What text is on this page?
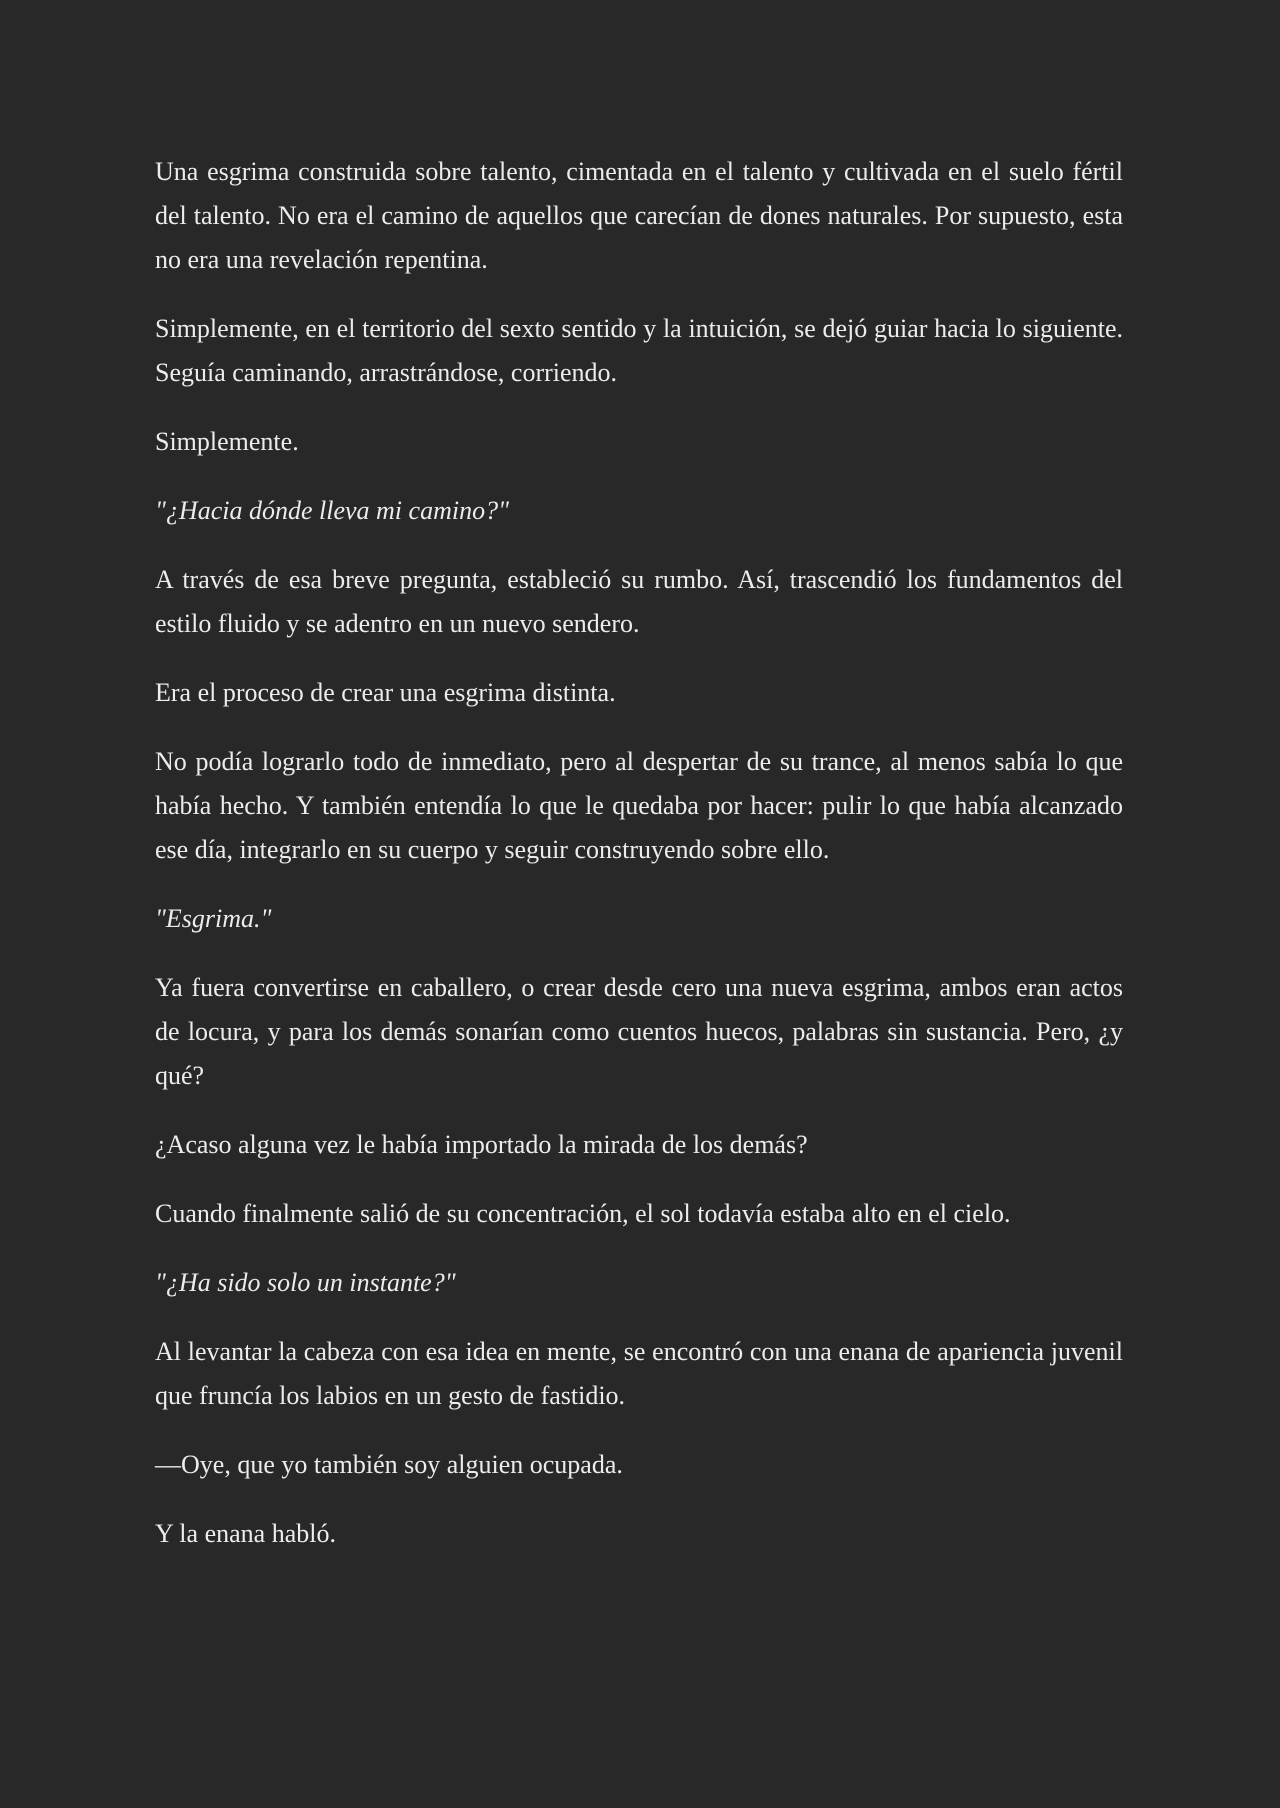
Una esgrima construida sobre talento, cimentada en el talento y cultivada en el suelo fértil del talento. No era el camino de aquellos que carecían de dones naturales. Por supuesto, esta no era una revelación repentina.

Simplemente, en el territorio del sexto sentido y la intuición, se dejó guiar hacia lo siguiente. Seguía caminando, arrastrándose, corriendo.

Simplemente.

"¿Hacia dónde lleva mi camino?"

A través de esa breve pregunta, estableció su rumbo. Así, trascendió los fundamentos del estilo fluido y se adentro en un nuevo sendero.

Era el proceso de crear una esgrima distinta.

No podía lograrlo todo de inmediato, pero al despertar de su trance, al menos sabía lo que había hecho. Y también entendía lo que le quedaba por hacer: pulir lo que había alcanzado ese día, integrarlo en su cuerpo y seguir construyendo sobre ello.

"Esgrima."

Ya fuera convertirse en caballero, o crear desde cero una nueva esgrima, ambos eran actos de locura, y para los demás sonarían como cuentos huecos, palabras sin sustancia. Pero, ¿y qué?

¿Acaso alguna vez le había importado la mirada de los demás?

Cuando finalmente salió de su concentración, el sol todavía estaba alto en el cielo.

"¿Ha sido solo un instante?"

Al levantar la cabeza con esa idea en mente, se encontró con una enana de apariencia juvenil que fruncía los labios en un gesto de fastidio.

—Oye, que yo también soy alguien ocupada.

Y la enana habló.
